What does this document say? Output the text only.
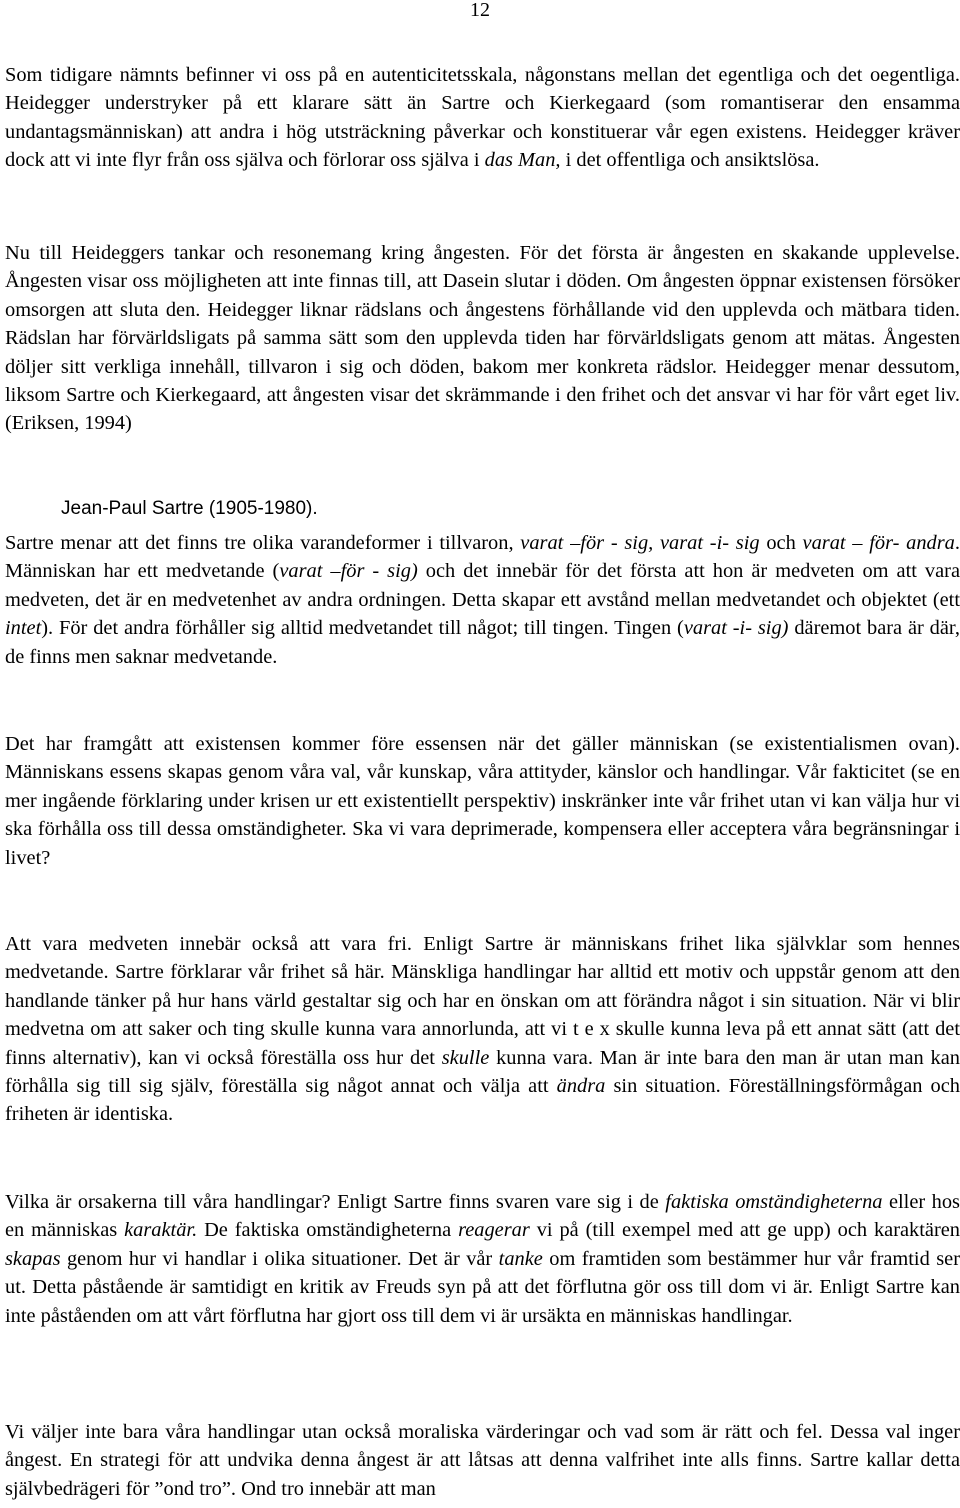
12

Som tidigare nämnts befinner vi oss på en autenticitetsskala, någonstans mellan det egentliga och det oegentliga. Heidegger understryker på ett klarare sätt än Sartre och Kierkegaard (som romantiserar den ensamma undantagsmänniskan) att andra i hög utsträckning påverkar och konstituerar vår egen existens. Heidegger kräver dock att vi inte flyr från oss själva och förlorar oss själva i das Man, i det offentliga och ansiktslösa.

Nu till Heideggers tankar och resonemang kring ångesten. För det första är ångesten en skakande upplevelse. Ångesten visar oss möjligheten att inte finnas till, att Dasein slutar i döden. Om ångesten öppnar existensen försöker omsorgen att sluta den. Heidegger liknar rädslans och ångestens förhållande vid den upplevda och mätbara tiden. Rädslan har förvärldsligats på samma sätt som den upplevda tiden har förvärldsligats genom att mätas. Ångesten döljer sitt verkliga innehåll, tillvaron i sig och döden, bakom mer konkreta rädslor. Heidegger menar dessutom, liksom Sartre och Kierkegaard, att ångesten visar det skrämmande i den frihet och det ansvar vi har för vårt eget liv. (Eriksen, 1994)

Jean-Paul Sartre (1905-1980).

Sartre menar att det finns tre olika varandeformer i tillvaron, varat –för - sig, varat -i- sig och varat – för- andra. Människan har ett medvetande (varat –för - sig) och det innebär för det första att hon är medveten om att vara medveten, det är en medvetenhet av andra ordningen. Detta skapar ett avstånd mellan medvetandet och objektet (ett intet). För det andra förhåller sig alltid medvetandet till något; till tingen. Tingen (varat -i- sig) däremot bara är där, de finns men saknar medvetande.

Det har framgått att existensen kommer före essensen när det gäller människan (se existentialismen ovan). Människans essens skapas genom våra val, vår kunskap, våra attityder, känslor och handlingar. Vår fakticitet (se en mer ingående förklaring under krisen ur ett existentiellt perspektiv) inskränker inte vår frihet utan vi kan välja hur vi ska förhålla oss till dessa omständigheter. Ska vi vara deprimerade, kompensera eller acceptera våra begränsningar i livet?

Att vara medveten innebär också att vara fri. Enligt Sartre är människans frihet lika självklar som hennes medvetande. Sartre förklarar vår frihet så här. Mänskliga handlingar har alltid ett motiv och uppstår genom att den handlande tänker på hur hans värld gestaltar sig och har en önskan om att förändra något i sin situation. När vi blir medvetna om att saker och ting skulle kunna vara annorlunda, att vi t e x skulle kunna leva på ett annat sätt (att det finns alternativ), kan vi också föreställa oss hur det skulle kunna vara. Man är inte bara den man är utan man kan förhålla sig till sig själv, föreställa sig något annat och välja att ändra sin situation. Föreställningsförmågan och friheten är identiska.

Vilka är orsakerna till våra handlingar? Enligt Sartre finns svaren vare sig i de faktiska omständigheterna eller hos en människas karaktär. De faktiska omständigheterna reagerar vi på (till exempel med att ge upp) och karaktären skapas genom hur vi handlar i olika situationer. Det är vår tanke om framtiden som bestämmer hur vår framtid ser ut. Detta påstående är samtidigt en kritik av Freuds syn på att det förflutna gör oss till dom vi är. Enligt Sartre kan inte påståenden om att vårt förflutna har gjort oss till dem vi är ursäkta en människas handlingar.

Vi väljer inte bara våra handlingar utan också moraliska värderingar och vad som är rätt och fel. Dessa val inger ångest. En strategi för att undvika denna ångest är att låtsas att denna valfrihet inte alls finns. Sartre kallar detta självbedrägeri för ”ond tro”. Ond tro innebär att man
